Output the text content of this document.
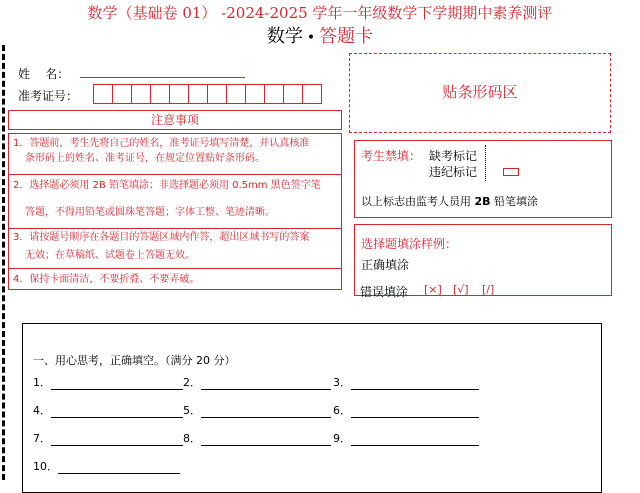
数学（基础卷 01） -2024-2025 学年一年级数学下学期期中素养测评
数学 • 答题卡
姓    名：
准考证号：	贴条形码区
注意事项
1．答题前，考生先将自己的姓名，准考证号填写清楚，并认真核准
条形码上的姓名、准考证号，在规定位置贴好条形码。
2．选择题必须用 2B 铅笔填涂；非选择题必须用 0.5mm 黑色签字笔
答题，不得用铅笔或圆珠笔答题；字体工整、笔迹清晰。
3．请按题号顺序在各题目的答题区域内作答，超出区域书写的答案
无效；在草稿纸、试题卷上答题无效。
4．保持卡面清洁，不要折叠、不要弄破。
考生禁填： 缺考标记
违纪标记
以上标志由监考人员用 2B 铅笔填涂
选择题填涂样例：
正确填涂
错误填涂 [×] [√] [/]
一、用心思考，正确填空。（满分 20 分）
1．	2．	3．
4．	5．	6．
7．	8．	9．
10．
